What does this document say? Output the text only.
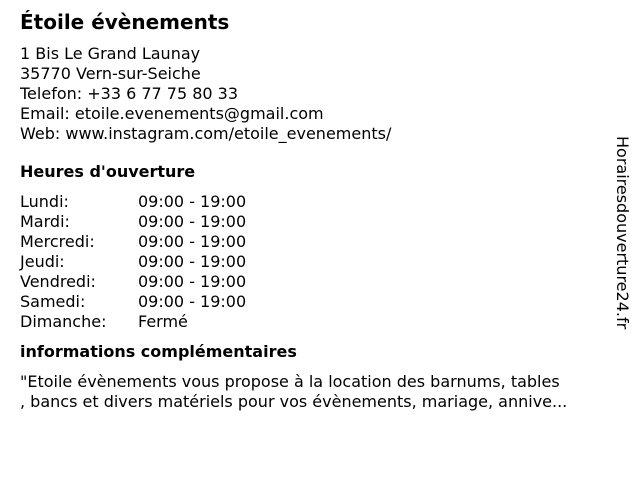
Étoile évènements
1 Bis Le Grand Launay
35770 Vern-sur-Seiche
Telefon: +33 6 77 75 80 33
Email: etoile.evenements@gmail.com
Web: www.instagram.com/etoile_evenements/
Heures d'ouverture
Lundi:	09:00 - 19:00
Mardi:	09:00 - 19:00
Mercredi:	09:00 - 19:00
Jeudi:	09:00 - 19:00
Vendredi:	09:00 - 19:00
Samedi:	09:00 - 19:00
Dimanche:	Fermé
informations complémentaires
"Etoile évènements vous propose à la location des barnums, tables
, bancs et divers matériels pour vos évènements, mariage, annive...
Horairesdouverture24.fr
